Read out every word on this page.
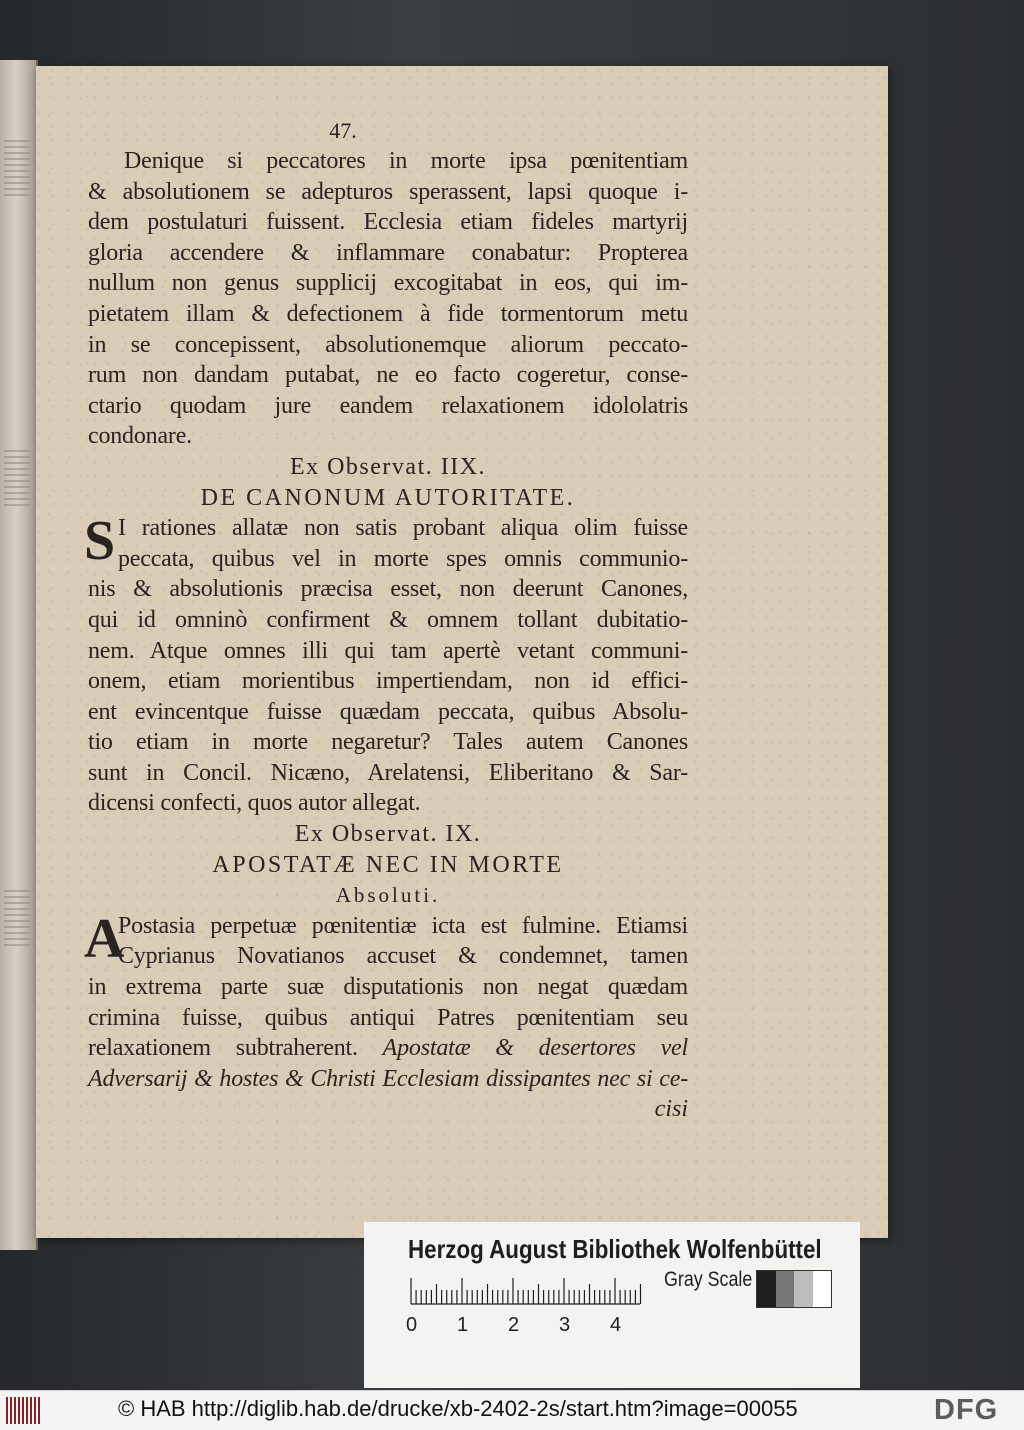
47.
Denique si peccatores in morte ipsa pœnitentiam
& absolutionem se adepturos sperassent, lapsi quoque i-
dem postulaturi fuissent. Ecclesia etiam fideles martyrij
gloria accendere & inflammare conabatur: Propterea
nullum non genus supplicij excogitabat in eos, qui im-
pietatem illam & defectionem à fide tormentorum metu
in se concepissent, absolutionemque aliorum peccato-
rum non dandam putabat, ne eo facto cogeretur, conse-
ctario quodam jure eandem relaxationem idololatris
condonare.
Ex Observat. IIX.
DE CANONUM AUTORITATE.
S I rationes allatæ non satis probant aliqua olim fuisse
peccata, quibus vel in morte spes omnis communio-
nis & absolutionis præcisa esset, non deerunt Canones,
qui id omninò confirment & omnem tollant dubitatio-
nem. Atque omnes illi qui tam apertè vetant communi-
onem, etiam morientibus impertiendam, non id effici-
ent evincentque fuisse quædam peccata, quibus Absolu-
tio etiam in morte negaretur? Tales autem Canones
sunt in Concil. Nicæno, Arelatensi, Eliberitano & Sar-
dicensi confecti, quos autor allegat.
Ex Observat. IX.
APOSTATÆ NEC IN MORTE
Absoluti.
A
Postasia perpetuæ pœnitentiæ icta est fulmine. Etiamsi
Cyprianus Novatianos accuset & condemnet, tamen
in extrema parte suæ disputationis non negat quædam
crimina fuisse, quibus antiqui Patres pœnitentiam seu
relaxationem subtraherent. Apostatæ & desertores vel
Adversarij & hostes & Christi Ecclesiam dissipantes nec si ce-
cisi
Herzog August Bibliothek Wolfenbüttel
0 1 2 3 4
Gray Scale
© HAB http://diglib.hab.de/drucke/xb-2402-2s/start.htm?image=00055	DFG
